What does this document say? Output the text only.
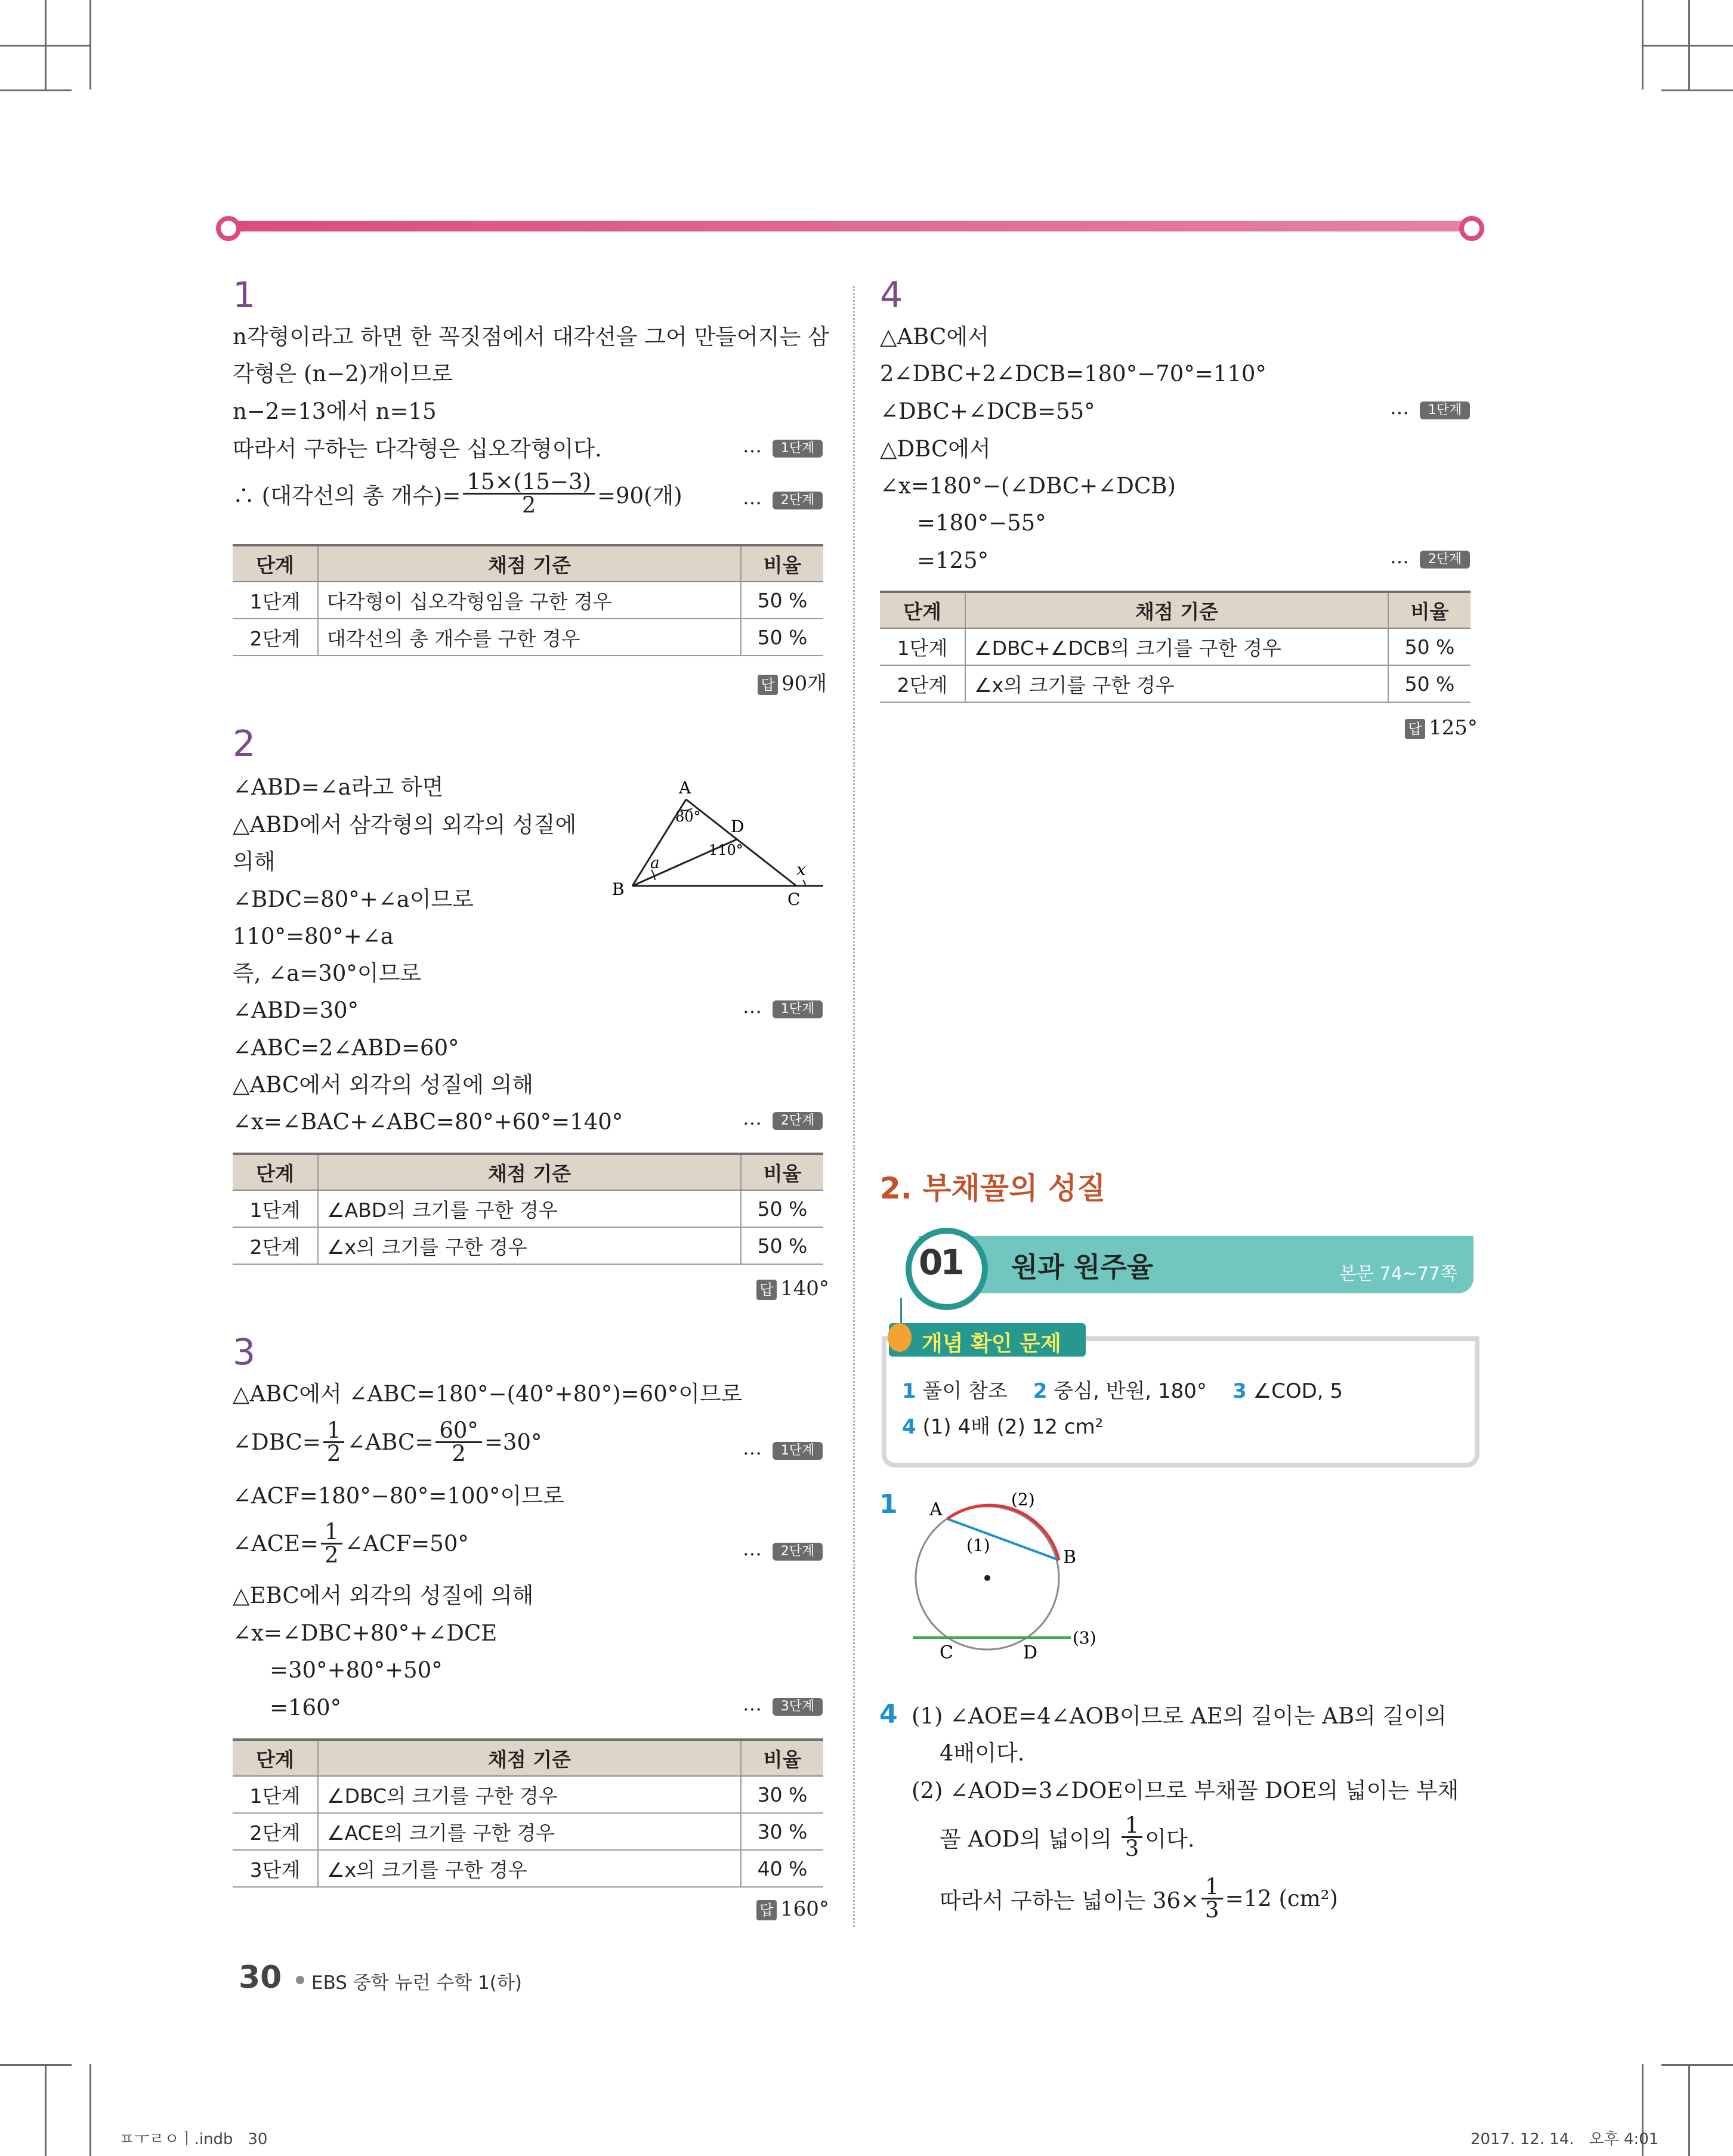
1
n각형이라고 하면 한 꼭짓점에서 대각선을 그어 만들어지는 삼
각형은 (n−2)개이므로
n−2=13에서 n=15
따라서 구하는 다각형은 십오각형이다.	…	1단계
∴ (대각선의 총 개수)= $\frac{15\times(15-3)}{2} =90$(개)	…	2단계
단계	채점 기준	비율
1단계	다각형이 십오각형임을 구한 경우	50 %
2단계	대각선의 총 개수를 구한 경우	50 %
답 90개
2
∠ABD=∠a라고 하면
△ABD에서 삼각형의 외각의 성질에
의해
∠BDC=80°+∠a이므로
110°=80°+∠a
즉, ∠a=30°이므로
∠ABD=30°	…	1단계
∠ABC=2∠ABD=60°
△ABC에서 외각의 성질에 의해
∠x=∠BAC+∠ABC=80°+60°=140°	…	2단계
A
B
C
D
80°
110°
a	x
단계	채점 기준	비율
1단계	∠ABD의 크기를 구한 경우	50 %
2단계	∠x의 크기를 구한 경우	50 %
답 140°
3
△ABC에서 ∠ABC=180°−(40°+80°)=60°이므로
∠DBC= $\frac{1}{2}$ ∠ABC= $\frac{60^\circ}{2} =30^\circ$	…	1단계
∠ACF=180°−80°=100°이므로
∠ACE= $\frac{1}{2}$ ∠ACF=50°	…	2단계
△EBC에서 외각의 성질에 의해
∠x=∠DBC+80°+∠DCE
=30°+80°+50°
=160°	…	3단계
단계	채점 기준	비율
1단계	∠DBC의 크기를 구한 경우	30 %
2단계	∠ACE의 크기를 구한 경우	30 %
3단계	∠x의 크기를 구한 경우	40 %
답 160°
4
△ABC에서
2∠DBC+2∠DCB=180°−70°=110°
∠DBC+∠DCB=55°	…	1단계
△DBC에서
∠x=180°−(∠DBC+∠DCB)
=180°−55°
=125°	…	2단계
단계	채점 기준	비율
1단계	∠DBC+∠DCB의 크기를 구한 경우	50 %
2단계	∠x의 크기를 구한 경우	50 %
답 125°
2. 부채꼴의 성질
01 원과 원주율	본문 74~77쪽
개념 확인 문제
1 풀이 참조 2 중심, 반원, 180° 3 ∠COD, 5
4 (1) 4배 (2) 12 cm²
1 A
B
C	D
(1)
(2)
(3)
4 (1) ∠AOE=4∠AOB이므로 AE의 길이는 AB의 길이의
4배이다.
(2) ∠AOD=3∠DOE이므로 부채꼴 DOE의 넓이는 부채
꼴 AOD의 넓이의 $\frac{1}{3}$ 이다.
따라서 구하는 넓이는 $36\times \frac{1}{3} =12$ (cm²)
30 EBS 중학 뉴런 수학 1(하)
ㅍㅜㄹㅇㅣ.indb   30	2017. 12. 14.   오후 4:01
